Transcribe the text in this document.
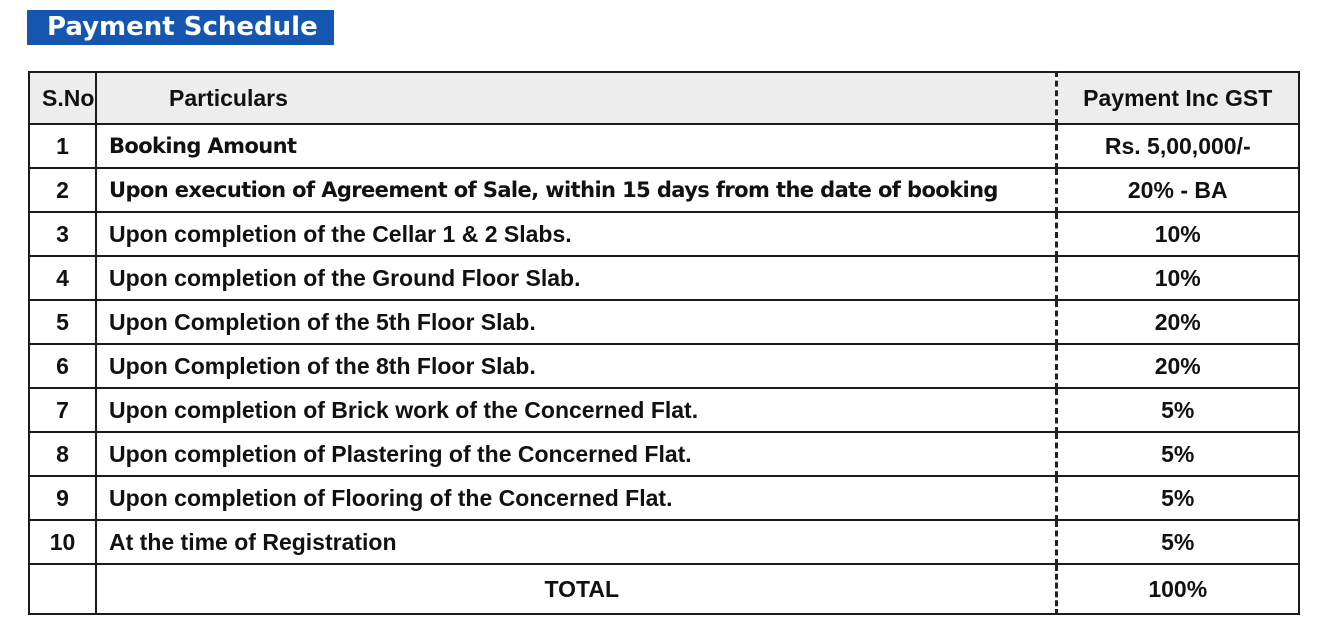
Payment Schedule
S.No	Particulars	Payment Inc GST
1	Booking Amount	Rs. 5,00,000/-
2	Upon execution of Agreement of Sale, within 15 days from the date of booking	20% - BA
3	Upon completion of the Cellar 1 & 2 Slabs.	10%
4	Upon completion of the Ground Floor Slab.	10%
5	Upon Completion of the 5th Floor Slab.	20%
6	Upon Completion of the 8th Floor Slab.	20%
7	Upon completion of Brick work of the Concerned Flat.	5%
8	Upon completion of Plastering of the Concerned Flat.	5%
9	Upon completion of Flooring of the Concerned Flat.	5%
10	At the time of Registration	5%
	TOTAL	100%
